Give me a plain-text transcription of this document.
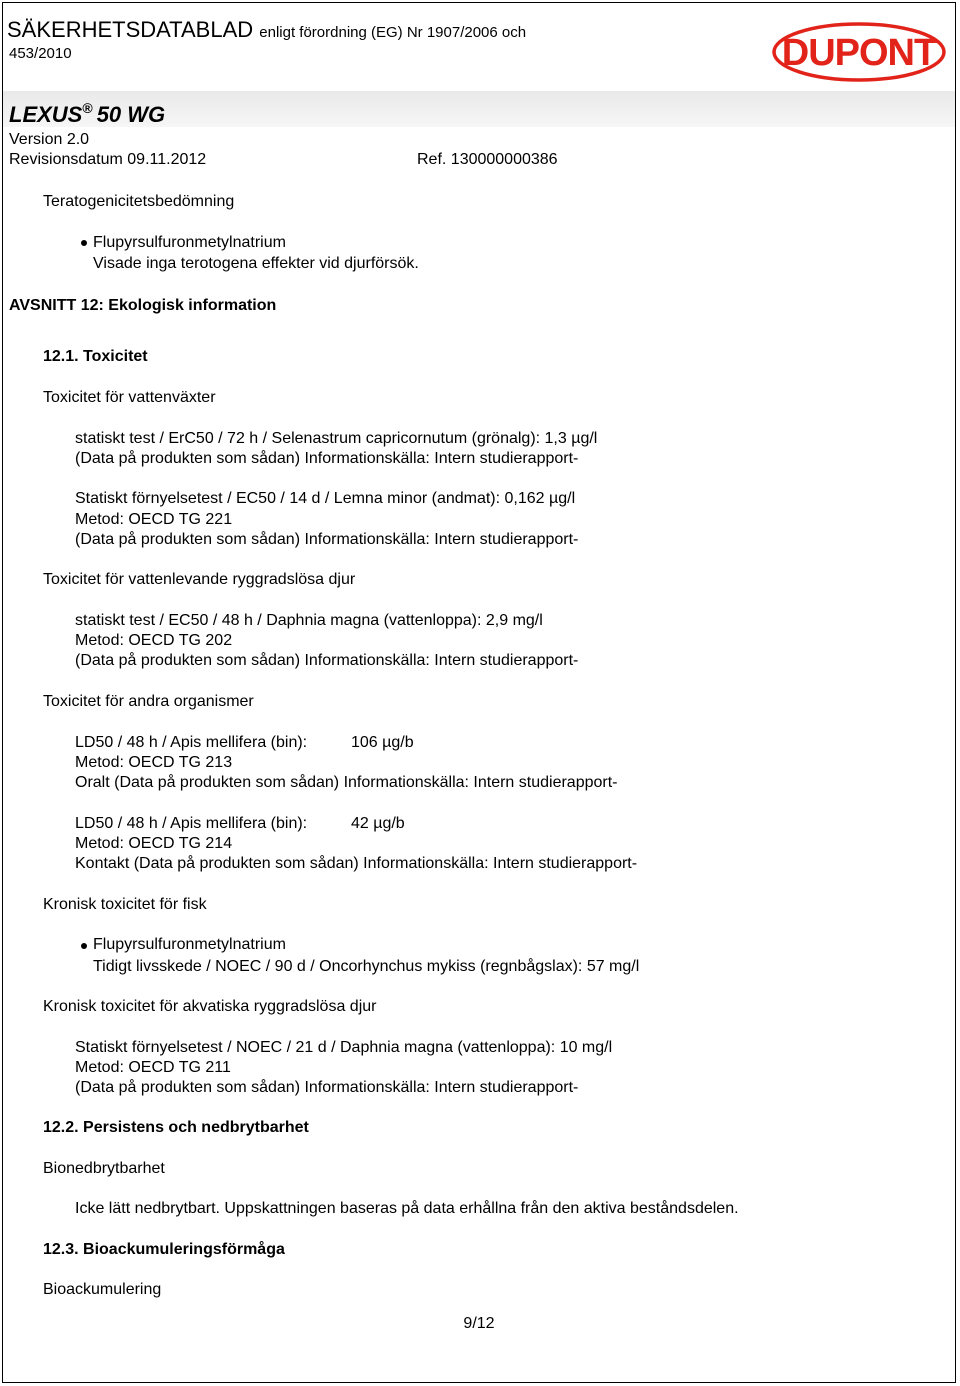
SÄKERHETSDATABLAD enligt förordning (EG) Nr 1907/2006 och
453/2010	DUPONT
LEXUS® 50 WG
Version 2.0
Revisionsdatum 09.11.2012	Ref. 130000000386
Teratogenicitetsbedömning
Flupyrsulfuronmetylnatrium
Visade inga terotogena effekter vid djurförsök.
AVSNITT 12: Ekologisk information
12.1. Toxicitet
Toxicitet för vattenväxter
statiskt test / ErC50 / 72 h / Selenastrum capricornutum (grönalg): 1,3 µg/l
(Data på produkten som sådan) Informationskälla: Intern studierapport-
Statiskt förnyelsetest / EC50 / 14 d / Lemna minor (andmat): 0,162 µg/l
Metod: OECD TG 221
(Data på produkten som sådan) Informationskälla: Intern studierapport-
Toxicitet för vattenlevande ryggradslösa djur
statiskt test / EC50 / 48 h / Daphnia magna (vattenloppa): 2,9 mg/l
Metod: OECD TG 202
(Data på produkten som sådan) Informationskälla: Intern studierapport-
Toxicitet för andra organismer
LD50 / 48 h / Apis mellifera (bin):	106 µg/b
Metod: OECD TG 213
Oralt (Data på produkten som sådan) Informationskälla: Intern studierapport-
LD50 / 48 h / Apis mellifera (bin):	42 µg/b
Metod: OECD TG 214
Kontakt (Data på produkten som sådan) Informationskälla: Intern studierapport-
Kronisk toxicitet för fisk
Flupyrsulfuronmetylnatrium
Tidigt livsskede / NOEC / 90 d / Oncorhynchus mykiss (regnbågslax): 57 mg/l
Kronisk toxicitet för akvatiska ryggradslösa djur
Statiskt förnyelsetest / NOEC / 21 d / Daphnia magna (vattenloppa): 10 mg/l
Metod: OECD TG 211
(Data på produkten som sådan) Informationskälla: Intern studierapport-
12.2. Persistens och nedbrytbarhet
Bionedbrytbarhet
Icke lätt nedbrytbart. Uppskattningen baseras på data erhållna från den aktiva beståndsdelen.
12.3. Bioackumuleringsförmåga
Bioackumulering
9/12
